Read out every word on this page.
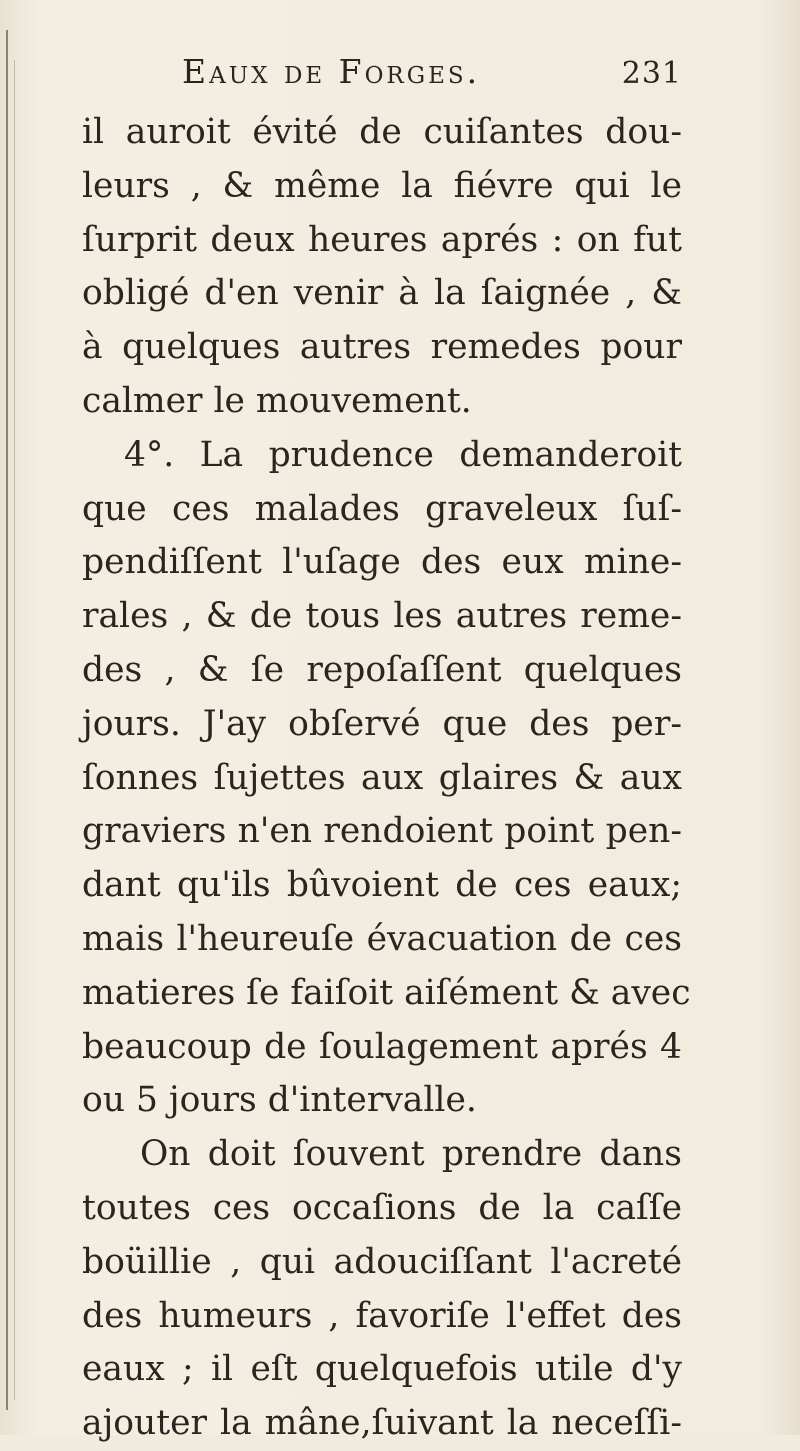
Eaux de Forges.	231
il auroit évité de cuiſantes dou-
leurs , & même la fiévre qui le
ſurprit deux heures aprés : on fut
obligé d'en venir à la ſaignée , &
à quelques autres remedes pour
calmer le mouvement.
4°. La prudence demanderoit
que ces malades graveleux ſuſ-
pendiſſent l'uſage des eux mine-
rales , & de tous les autres reme-
des , & ſe repoſaſſent quelques
jours. J'ay obſervé que des per-
ſonnes ſujettes aux glaires & aux
graviers n'en rendoient point pen-
dant qu'ils bûvoient de ces eaux;
mais l'heureuſe évacuation de ces
matieres ſe faiſoit aiſément & avec
beaucoup de ſoulagement aprés 4
ou 5 jours d'intervalle.
On doit ſouvent prendre dans
toutes ces occaſions de la caſſe
boüillie , qui adouciſſant l'acreté
des humeurs , favoriſe l'effet des
eaux ; il eſt quelquefois utile d'y
ajouter la mâne,ſuivant la neceſſi-
